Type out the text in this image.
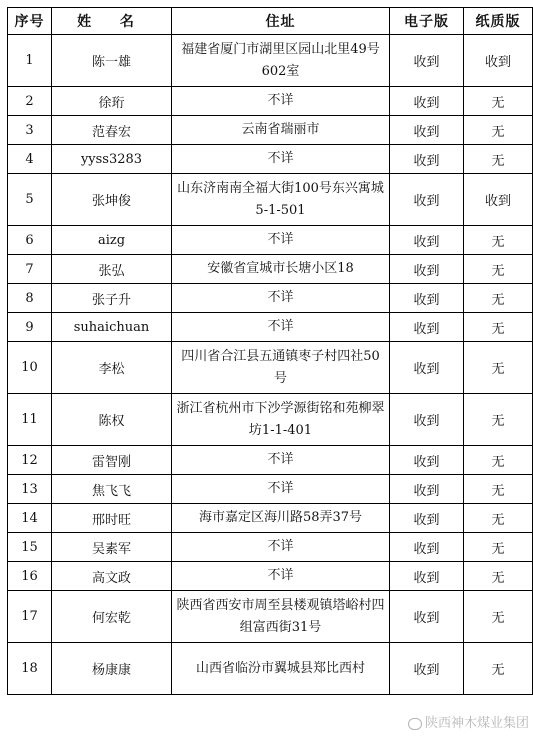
序号	姓 名	住址	电子版	纸质版
1	陈一雄	福建省厦门市湖里区园山北里49号602室	收到	收到
2	徐珩	不详	收到	无
3	范春宏	云南省瑞丽市	收到	无
4	yyss3283	不详	收到	无
5	张坤俊	山东济南南全福大街100号东兴寓城5-1-501	收到	收到
6	aizg	不详	收到	无
7	张弘	安徽省宣城市长塘小区18	收到	无
8	张子升	不详	收到	无
9	suhaichuan	不详	收到	无
10	李松	四川省合江县五通镇枣子村四社50号	收到	无
11	陈权	浙江省杭州市下沙学源街铭和苑柳翠坊1-1-401	收到	无
12	雷智刚	不详	收到	无
13	焦飞飞	不详	收到	无
14	邢时旺	海市嘉定区海川路58弄37号	收到	无
15	吴素军	不详	收到	无
16	高文政	不详	收到	无
17	何宏乾	陕西省西安市周至县楼观镇塔峪村四组富西街31号	收到	无
18	杨康康	山西省临汾市翼城县郑比西村	收到	无
陕西神木煤业集团
